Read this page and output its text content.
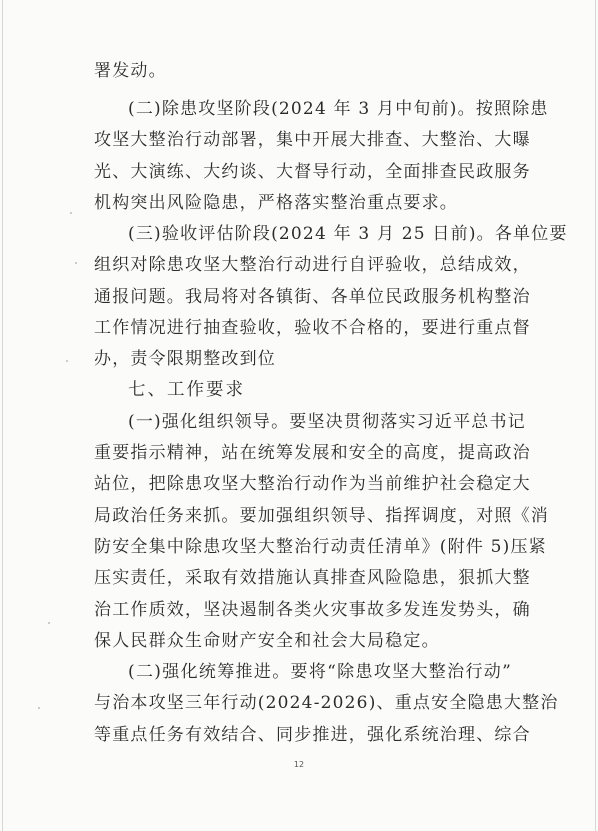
署发动。
(二)除患攻坚阶段(2024 年 3 月中旬前)。按照除患
攻坚大整治行动部署，集中开展大排查、大整治、大曝
光、大演练、大约谈、大督导行动，全面排查民政服务
机构突出风险隐患，严格落实整治重点要求。
(三)验收评估阶段(2024 年 3 月 25 日前)。各单位要
组织对除患攻坚大整治行动进行自评验收，总结成效，
通报问题。我局将对各镇街、各单位民政服务机构整治
工作情况进行抽查验收，验收不合格的，要进行重点督
办，责令限期整改到位
七、工作要求
(一)强化组织领导。要坚决贯彻落实习近平总书记
重要指示精神，站在统筹发展和安全的高度，提高政治
站位，把除患攻坚大整治行动作为当前维护社会稳定大
局政治任务来抓。要加强组织领导、指挥调度，对照《消
防安全集中除患攻坚大整治行动责任清单》(附件 5)压紧
压实责任，采取有效措施认真排查风险隐患，狠抓大整
治工作质效，坚决遏制各类火灾事故多发连发势头，确
保人民群众生命财产安全和社会大局稳定。
(二)强化统筹推进。要将“除患攻坚大整治行动”
与治本攻坚三年行动(2024-2026)、重点安全隐患大整治
等重点任务有效结合、同步推进，强化系统治理、综合
12
